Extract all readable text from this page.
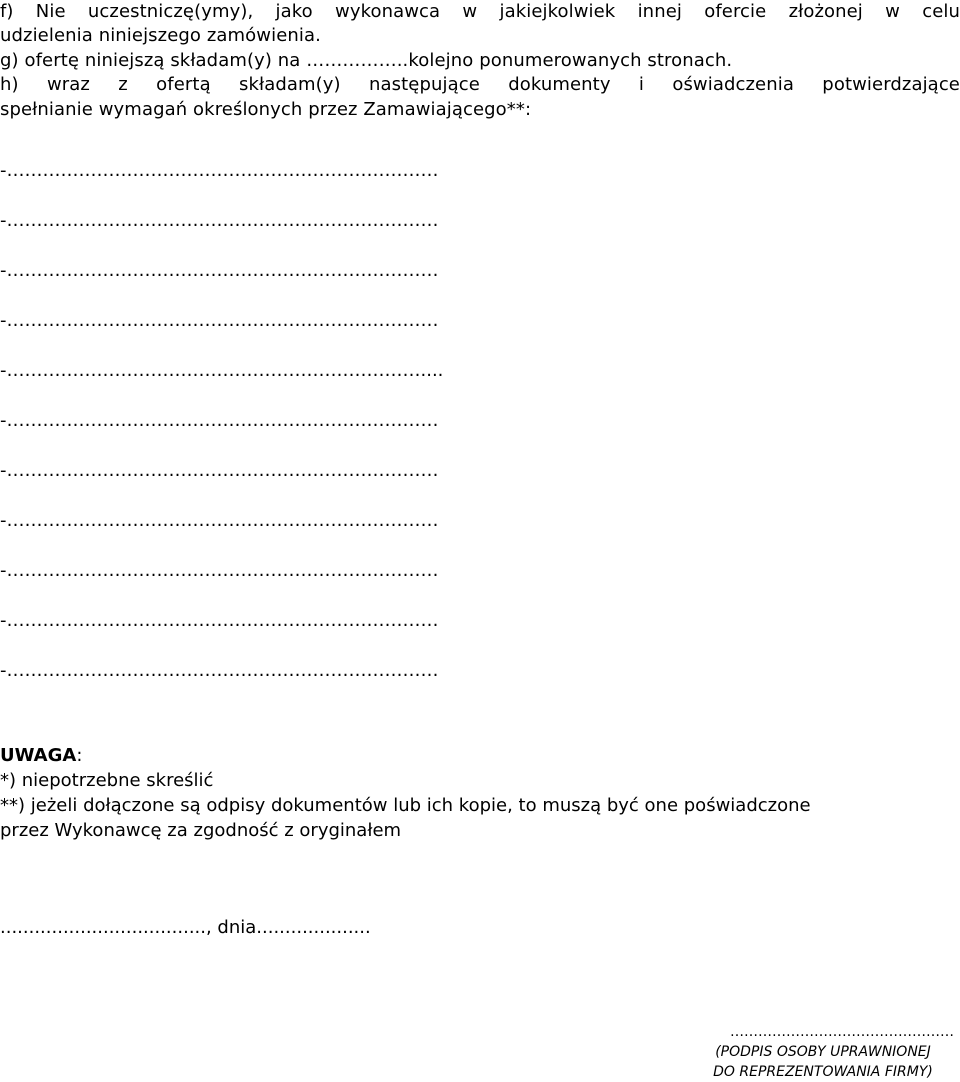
f) Nie uczestniczę(ymy), jako wykonawca w jakiejkolwiek innej ofercie złożonej w celu

udzielenia niniejszego zamówienia.

g) ofertę niniejszą składam(y) na ……………..kolejno ponumerowanych stronach.

h) wraz z ofertą składam(y) następujące dokumenty i oświadczenia potwierdzające

spełnianie wymagań określonych przez Zamawiającego**:

-………………………………………………………………
-………………………………………………………………
-………………………………………………………………
-………………………………………………………………
-……………………………………………………………....
-………………………………………………………………
-………………………………………………………………
-………………………………………………………………
-………………………………………………………………
-………………………………………………………………
-………………………………………………………………
UWAGA:
*) niepotrzebne skreślić
**) jeżeli dołączone są odpisy dokumentów lub ich kopie, to muszą być one poświadczone
przez Wykonawcę za zgodność z oryginałem
...................................., dnia....................
…………………………………………
(PODPIS OSOBY UPRAWNIONEJ
DO REPREZENTOWANIA FIRMY)
